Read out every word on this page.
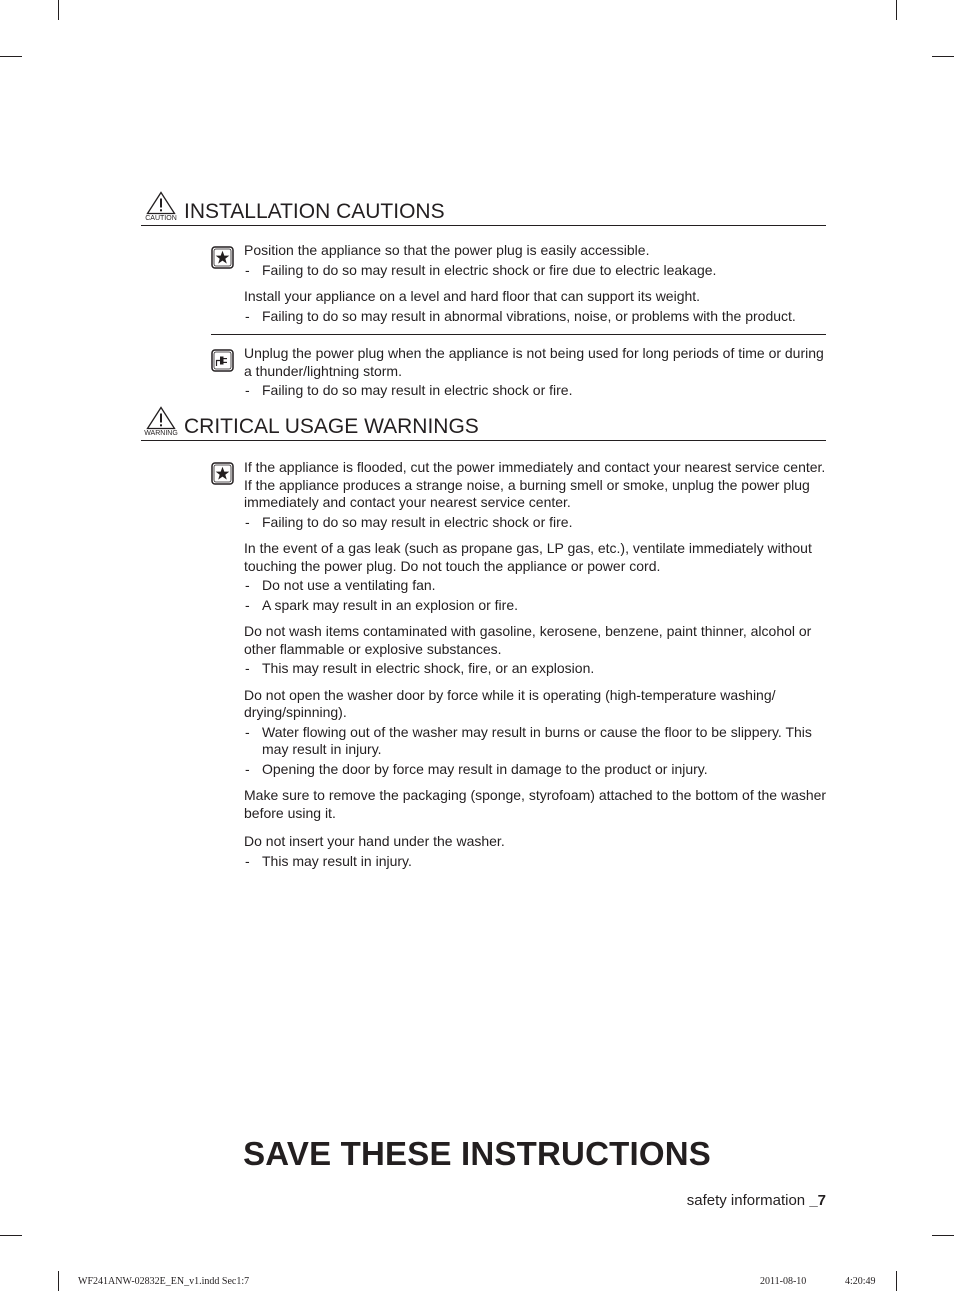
CAUTION INSTALLATION CAUTIONS

Position the appliance so that the power plug is easily accessible.

- Failing to do so may result in electric shock or fire due to electric leakage.

Install your appliance on a level and hard floor that can support its weight.

- Failing to do so may result in abnormal vibrations, noise, or problems with the product.

Unplug the power plug when the appliance is not being used for long periods of time or during a thunder/lightning storm.

- Failing to do so may result in electric shock or fire.
WARNING CRITICAL USAGE WARNINGS

If the appliance is flooded, cut the power immediately and contact your nearest service center.

If the appliance produces a strange noise, a burning smell or smoke, unplug the power plug immediately and contact your nearest service center.

- Failing to do so may result in electric shock or fire.

In the event of a gas leak (such as propane gas, LP gas, etc.), ventilate immediately without touching the power plug. Do not touch the appliance or power cord.

- Do not use a ventilating fan.
- A spark may result in an explosion or fire.

Do not wash items contaminated with gasoline, kerosene, benzene, paint thinner, alcohol or other flammable or explosive substances.

- This may result in electric shock, fire, or an explosion.

Do not open the washer door by force while it is operating (high-temperature washing/ drying/spinning).

- Water flowing out of the washer may result in burns or cause the floor to be slippery. This may result in injury.
- Opening the door by force may result in damage to the product or injury.

Make sure to remove the packaging (sponge, styrofoam) attached to the bottom of the washer before using it.

Do not insert your hand under the washer.

- This may result in injury.
SAVE THESE INSTRUCTIONS
safety information _7
WF241ANW-02832E_EN_v1.indd Sec1:7	2011-08-10	4:20:49
